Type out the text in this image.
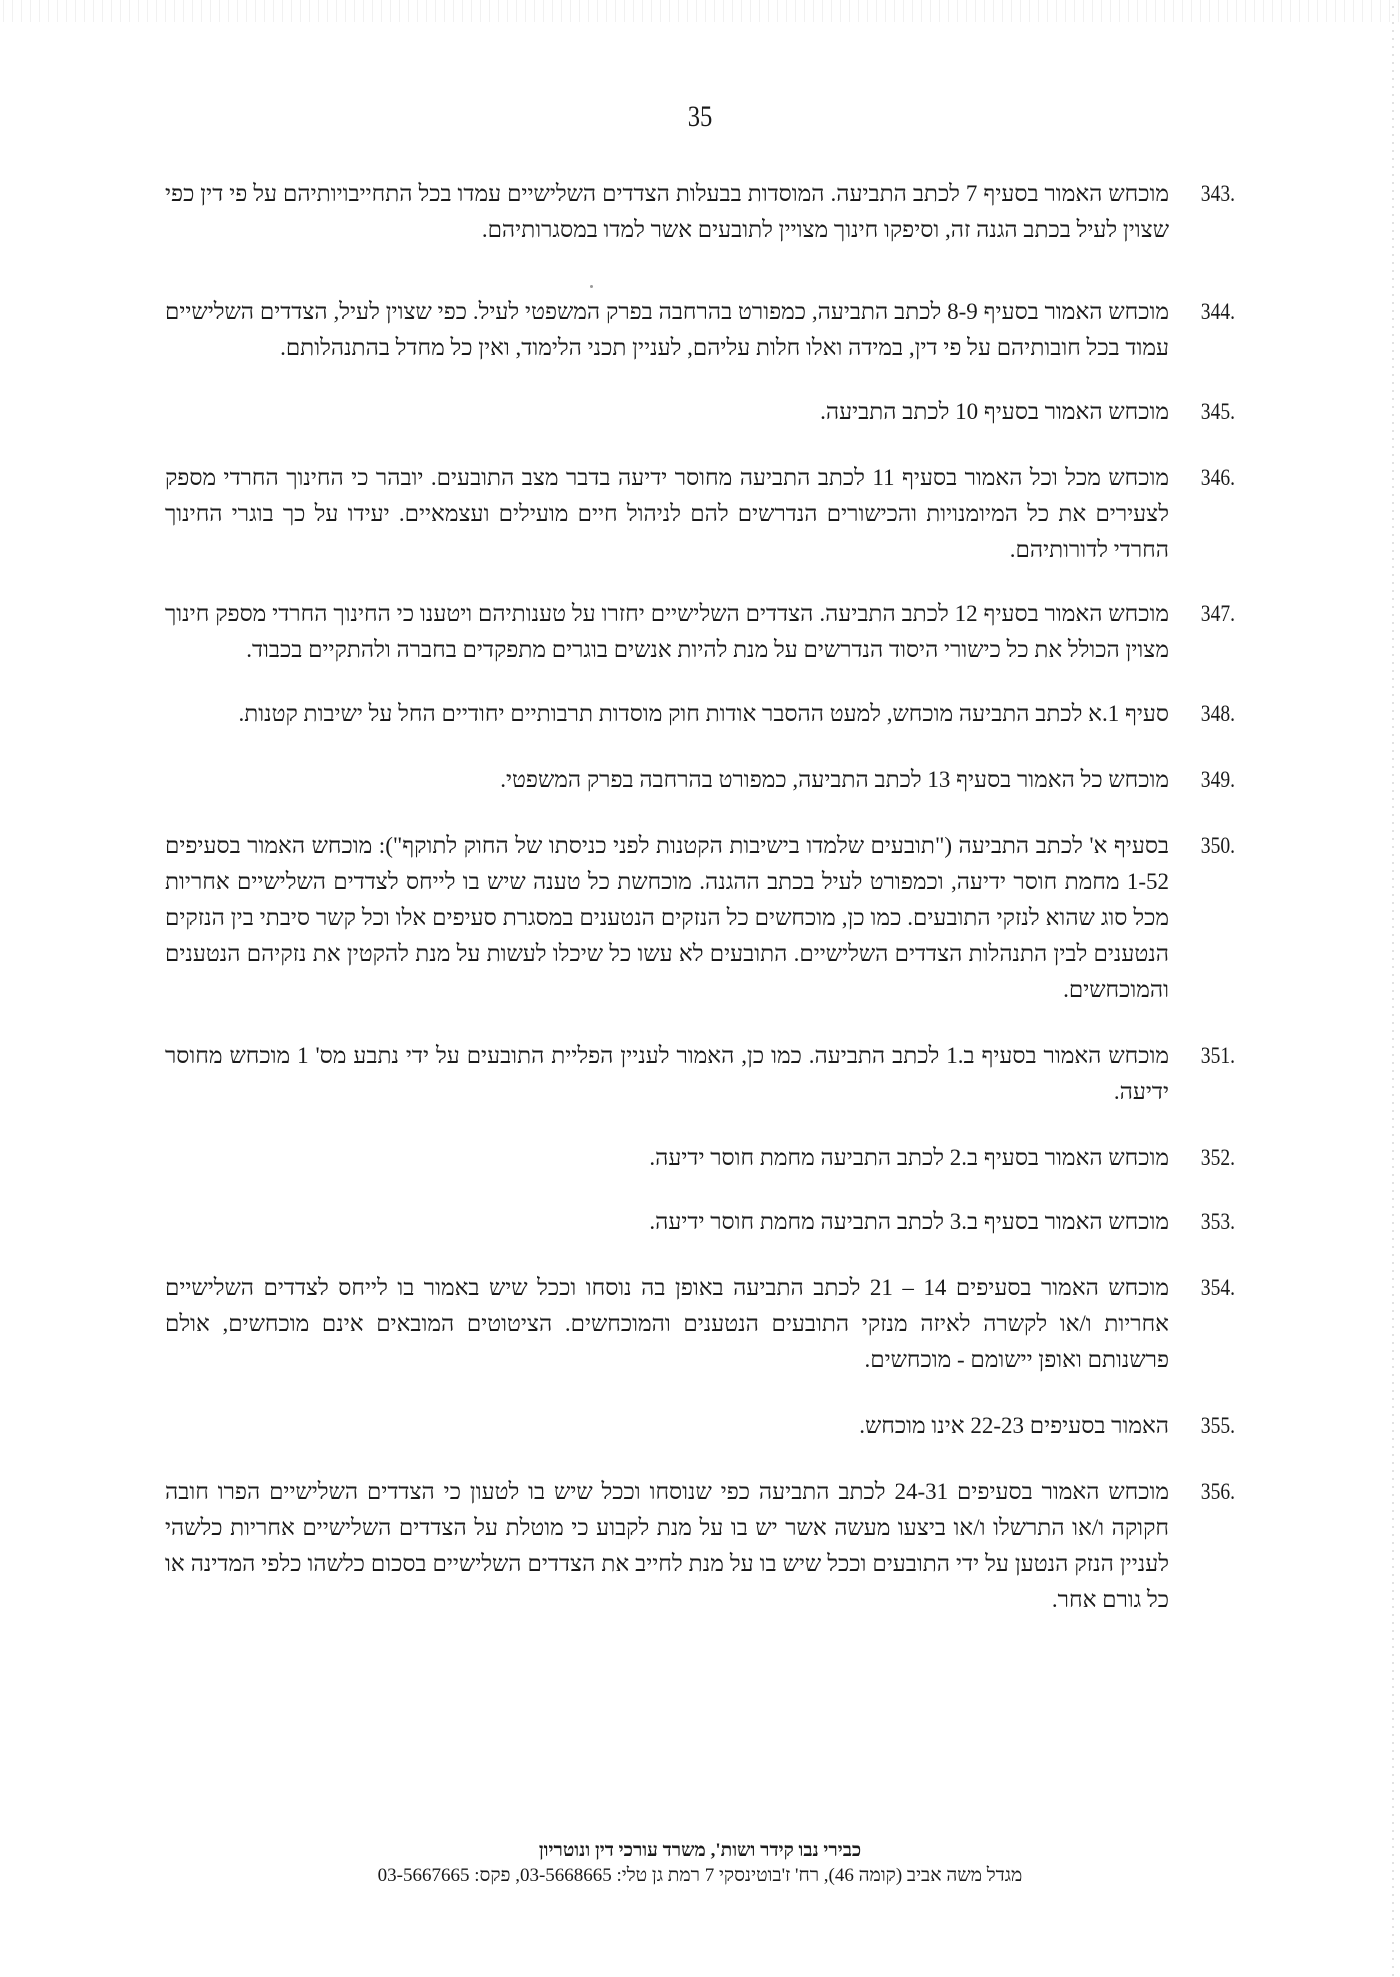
35
343.
מוכחש האמור בסעיף 7 לכתב התביעה. המוסדות בבעלות הצדדים השלישיים עמדו בכל התחייבויותיהם על פי דין כפי שצוין לעיל בכתב הגנה זה, וסיפקו חינוך מצויין לתובעים אשר למדו במסגרותיהם.
344.
מוכחש האמור בסעיף 8-9 לכתב התביעה, כמפורט בהרחבה בפרק המשפטי לעיל. כפי שצוין לעיל, הצדדים השלישיים עמוד בכל חובותיהם על פי דין, במידה ואלו חלות עליהם, לעניין תכני הלימוד, ואין כל מחדל בהתנהלותם.
345.
מוכחש האמור בסעיף 10 לכתב התביעה.
346.
מוכחש מכל וכל האמור בסעיף 11 לכתב התביעה מחוסר ידיעה בדבר מצב התובעים. יובהר כי החינוך החרדי מספק לצעירים את כל המיומנויות והכישורים הנדרשים להם לניהול חיים מועילים ועצמאיים. יעידו על כך בוגרי החינוך החרדי לדורותיהם.
347.
מוכחש האמור בסעיף 12 לכתב התביעה. הצדדים השלישיים יחזרו על טענותיהם ויטענו כי החינוך החרדי מספק חינוך מצוין הכולל את כל כישורי היסוד הנדרשים על מנת להיות אנשים בוגרים מתפקדים בחברה ולהתקיים בכבוד.
348.
סעיף 1.א לכתב התביעה מוכחש, למעט ההסבר אודות חוק מוסדות תרבותיים יחודיים החל על ישיבות קטנות.
349.
מוכחש כל האמור בסעיף 13 לכתב התביעה, כמפורט בהרחבה בפרק המשפטי.
350.
בסעיף א' לכתב התביעה ("תובעים שלמדו בישיבות הקטנות לפני כניסתו של החוק לתוקף"): מוכחש האמור בסעיפים 1-52 מחמת חוסר ידיעה, וכמפורט לעיל בכתב ההגנה. מוכחשת כל טענה שיש בו לייחס לצדדים השלישיים אחריות מכל סוג שהוא לנזקי התובעים. כמו כן, מוכחשים כל הנזקים הנטענים במסגרת סעיפים אלו וכל קשר סיבתי בין הנזקים הנטענים לבין התנהלות הצדדים השלישיים. התובעים לא עשו כל שיכלו לעשות על מנת להקטין את נזקיהם הנטענים והמוכחשים.
351.
מוכחש האמור בסעיף ב.1 לכתב התביעה. כמו כן, האמור לעניין הפליית התובעים על ידי נתבע מס' 1 מוכחש מחוסר ידיעה.
352.
מוכחש האמור בסעיף ב.2 לכתב התביעה מחמת חוסר ידיעה.
353.
מוכחש האמור בסעיף ב.3 לכתב התביעה מחמת חוסר ידיעה.
354.
מוכחש האמור בסעיפים 14 – 21 לכתב התביעה באופן בה נוסחו וככל שיש באמור בו לייחס לצדדים השלישיים אחריות ו/או לקשרה לאיזה מנזקי התובעים הנטענים והמוכחשים. הציטוטים המובאים אינם מוכחשים, אולם פרשנותם ואופן יישומם - מוכחשים.
355.
האמור בסעיפים 22-23 אינו מוכחש.
356.
מוכחש האמור בסעיפים 24-31 לכתב התביעה כפי שנוסחו וככל שיש בו לטעון כי הצדדים השלישיים הפרו חובה חקוקה ו/או התרשלו ו/או ביצעו מעשה אשר יש בו על מנת לקבוע כי מוטלת על הצדדים השלישיים אחריות כלשהי לעניין הנזק הנטען על ידי התובעים וככל שיש בו על מנת לחייב את הצדדים השלישיים בסכום כלשהו כלפי המדינה או כל גורם אחר.
כבירי נבו קידר ושות', משרד עורכי דין ונוטריון
מגדל משה אביב (קומה 46), רח' ז'בוטינסקי 7 רמת גן טלי: 03-5668665, פקס: 03-5667665
